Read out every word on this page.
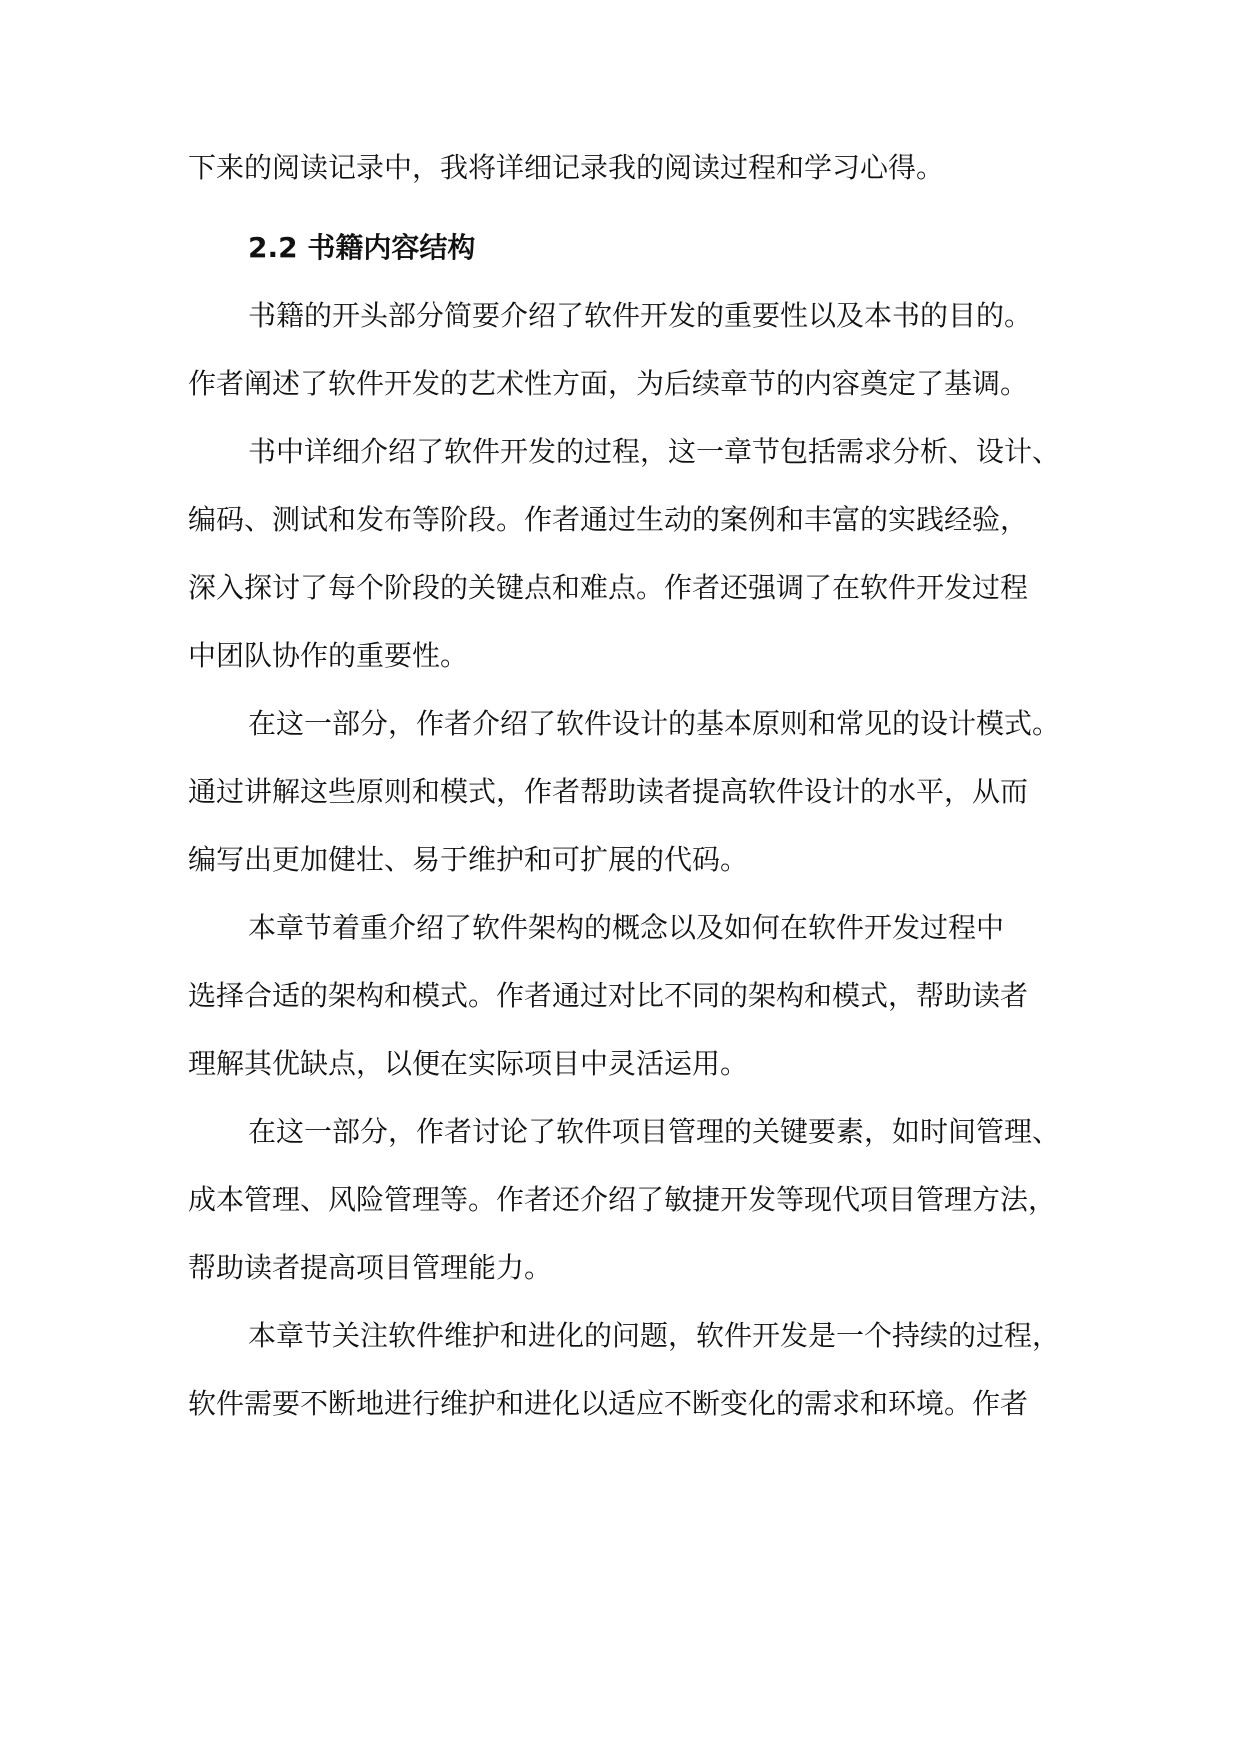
下来的阅读记录中，我将详细记录我的阅读过程和学习心得。
2.2 书籍内容结构
书籍的开头部分简要介绍了软件开发的重要性以及本书的目的。
作者阐述了软件开发的艺术性方面，为后续章节的内容奠定了基调。
书中详细介绍了软件开发的过程，这一章节包括需求分析、设计、
编码、测试和发布等阶段。作者通过生动的案例和丰富的实践经验，
深入探讨了每个阶段的关键点和难点。作者还强调了在软件开发过程
中团队协作的重要性。
在这一部分，作者介绍了软件设计的基本原则和常见的设计模式。
通过讲解这些原则和模式，作者帮助读者提高软件设计的水平，从而
编写出更加健壮、易于维护和可扩展的代码。
本章节着重介绍了软件架构的概念以及如何在软件开发过程中
选择合适的架构和模式。作者通过对比不同的架构和模式，帮助读者
理解其优缺点，以便在实际项目中灵活运用。
在这一部分，作者讨论了软件项目管理的关键要素，如时间管理、
成本管理、风险管理等。作者还介绍了敏捷开发等现代项目管理方法，
帮助读者提高项目管理能力。
本章节关注软件维护和进化的问题，软件开发是一个持续的过程，
软件需要不断地进行维护和进化以适应不断变化的需求和环境。作者
